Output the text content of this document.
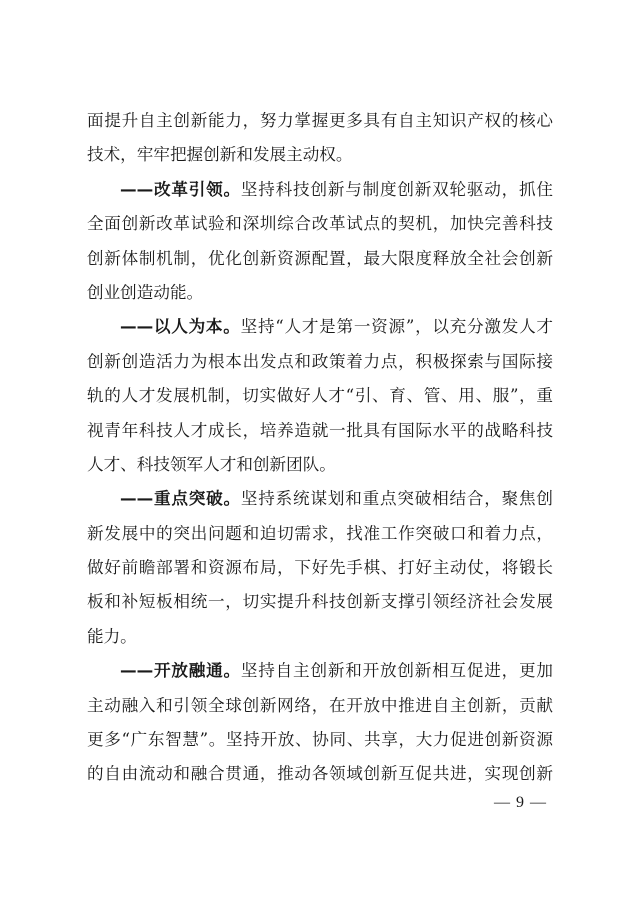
面提升自主创新能力，努力掌握更多具有自主知识产权的核心
技术，牢牢把握创新和发展主动权。
——改革引领。坚持科技创新与制度创新双轮驱动，抓住
全面创新改革试验和深圳综合改革试点的契机，加快完善科技
创新体制机制，优化创新资源配置，最大限度释放全社会创新
创业创造动能。
——以人为本。坚持“人才是第一资源”，以充分激发人才
创新创造活力为根本出发点和政策着力点，积极探索与国际接
轨的人才发展机制，切实做好人才“引、育、管、用、服”，重
视青年科技人才成长，培养造就一批具有国际水平的战略科技
人才、科技领军人才和创新团队。
——重点突破。坚持系统谋划和重点突破相结合，聚焦创
新发展中的突出问题和迫切需求，找准工作突破口和着力点，
做好前瞻部署和资源布局，下好先手棋、打好主动仗，将锻长
板和补短板相统一，切实提升科技创新支撑引领经济社会发展
能力。
——开放融通。坚持自主创新和开放创新相互促进，更加
主动融入和引领全球创新网络，在开放中推进自主创新，贡献
更多“广东智慧”。坚持开放、协同、共享，大力促进创新资源
的自由流动和融合贯通，推动各领域创新互促共进，实现创新
— 9 —
